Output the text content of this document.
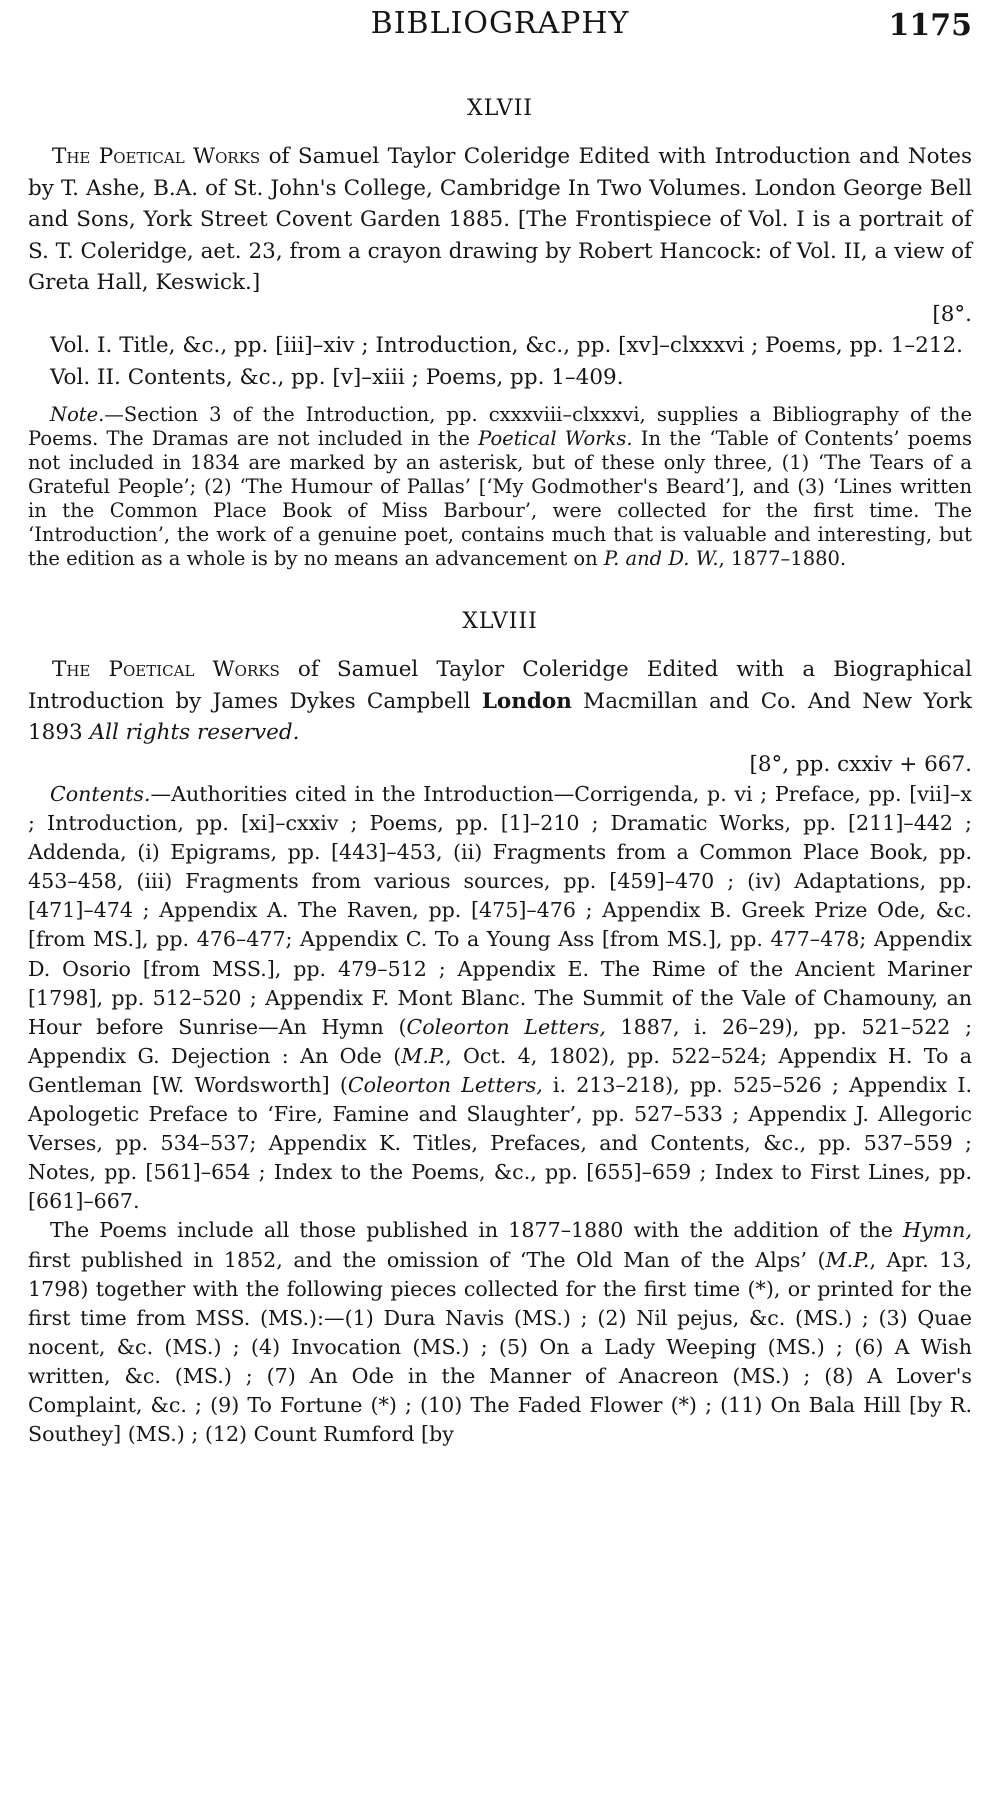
BIBLIOGRAPHY	1175
XLVII

The Poetical Works of Samuel Taylor Coleridge Edited with Introduction and Notes by T. Ashe, B.A. of St. John's College, Cambridge In Two Volumes. London George Bell and Sons, York Street Covent Garden 1885. [The Frontispiece of Vol. I is a portrait of S. T. Coleridge, aet. 23, from a crayon drawing by Robert Hancock: of Vol. II, a view of Greta Hall, Keswick.]
[8°.

Vol. I. Title, &c., pp. [iii]–xiv ; Introduction, &c., pp. [xv]–clxxxvi ; Poems, pp. 1–212.

Vol. II. Contents, &c., pp. [v]–xiii ; Poems, pp. 1–409.

Note.—Section 3 of the Introduction, pp. cxxxviii–clxxxvi, supplies a Bibliography of the Poems. The Dramas are not included in the Poetical Works. In the ‘Table of Contents’ poems not included in 1834 are marked by an asterisk, but of these only three, (1) ‘The Tears of a Grateful People’; (2) ‘The Humour of Pallas’ [‘My Godmother's Beard’], and (3) ‘Lines written in the Common Place Book of Miss Barbour’, were collected for the first time. The ‘Introduction’, the work of a genuine poet, contains much that is valuable and interesting, but the edition as a whole is by no means an advancement on P. and D. W., 1877–1880.

XLVIII

The Poetical Works of Samuel Taylor Coleridge Edited with a Biographical Introduction by James Dykes Campbell London Macmillan and Co. And New York 1893 All rights reserved.
[8°, pp. cxxiv + 667.

Contents.—Authorities cited in the Introduction—Corrigenda, p. vi ; Preface, pp. [vii]–x ; Introduction, pp. [xi]–cxxiv ; Poems, pp. [1]–210 ; Dramatic Works, pp. [211]–442 ; Addenda, (i) Epigrams, pp. [443]–453, (ii) Fragments from a Common Place Book, pp. 453–458, (iii) Fragments from various sources, pp. [459]–470 ; (iv) Adaptations, pp. [471]–474 ; Appendix A. The Raven, pp. [475]–476 ; Appendix B. Greek Prize Ode, &c. [from MS.], pp. 476–477; Appendix C. To a Young Ass [from MS.], pp. 477–478; Appendix D. Osorio [from MSS.], pp. 479–512 ; Appendix E. The Rime of the Ancient Mariner [1798], pp. 512–520 ; Appendix F. Mont Blanc. The Summit of the Vale of Chamouny, an Hour before Sunrise—An Hymn (Coleorton Letters, 1887, i. 26–29), pp. 521–522 ; Appendix G. Dejection : An Ode (M.P., Oct. 4, 1802), pp. 522–524; Appendix H. To a Gentleman [W. Wordsworth] (Coleorton Letters, i. 213–218), pp. 525–526 ; Appendix I. Apologetic Preface to ‘Fire, Famine and Slaughter’, pp. 527–533 ; Appendix J. Allegoric Verses, pp. 534–537; Appendix K. Titles, Prefaces, and Contents, &c., pp. 537–559 ; Notes, pp. [561]–654 ; Index to the Poems, &c., pp. [655]–659 ; Index to First Lines, pp. [661]–667.

The Poems include all those published in 1877–1880 with the addition of the Hymn, first published in 1852, and the omission of ‘The Old Man of the Alps’ (M.P., Apr. 13, 1798) together with the following pieces collected for the first time (*), or printed for the first time from MSS. (MS.):—(1) Dura Navis (MS.) ; (2) Nil pejus, &c. (MS.) ; (3) Quae nocent, &c. (MS.) ; (4) Invocation (MS.) ; (5) On a Lady Weeping (MS.) ; (6) A Wish written, &c. (MS.) ; (7) An Ode in the Manner of Anacreon (MS.) ; (8) A Lover's Complaint, &c. ; (9) To Fortune (*) ; (10) The Faded Flower (*) ; (11) On Bala Hill [by R. Southey] (MS.) ; (12) Count Rumford [by
